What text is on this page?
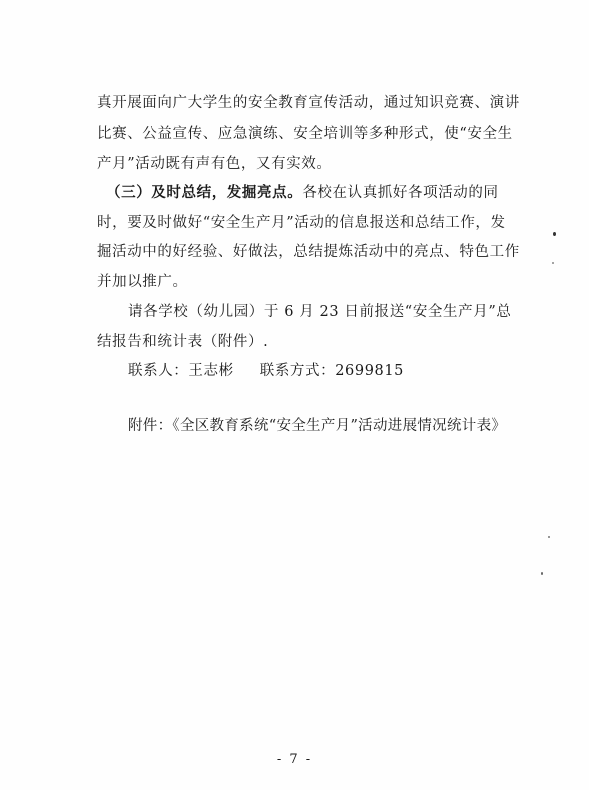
真开展面向广大学生的安全教育宣传活动，通过知识竞赛、演讲
比赛、公益宣传、应急演练、安全培训等多种形式，使“安全生
产月”活动既有声有色，又有实效。
（三）及时总结，发掘亮点。各校在认真抓好各项活动的同
时，要及时做好“安全生产月”活动的信息报送和总结工作，发
掘活动中的好经验、好做法，总结提炼活动中的亮点、特色工作
并加以推广。
请各学校（幼儿园）于 6 月 23 日前报送“安全生产月”总
结报告和统计表（附件）.
联系人：王志彬 联系方式：2699815
附件：《全区教育系统“安全生产月”活动进展情况统计表》
- 7 -
